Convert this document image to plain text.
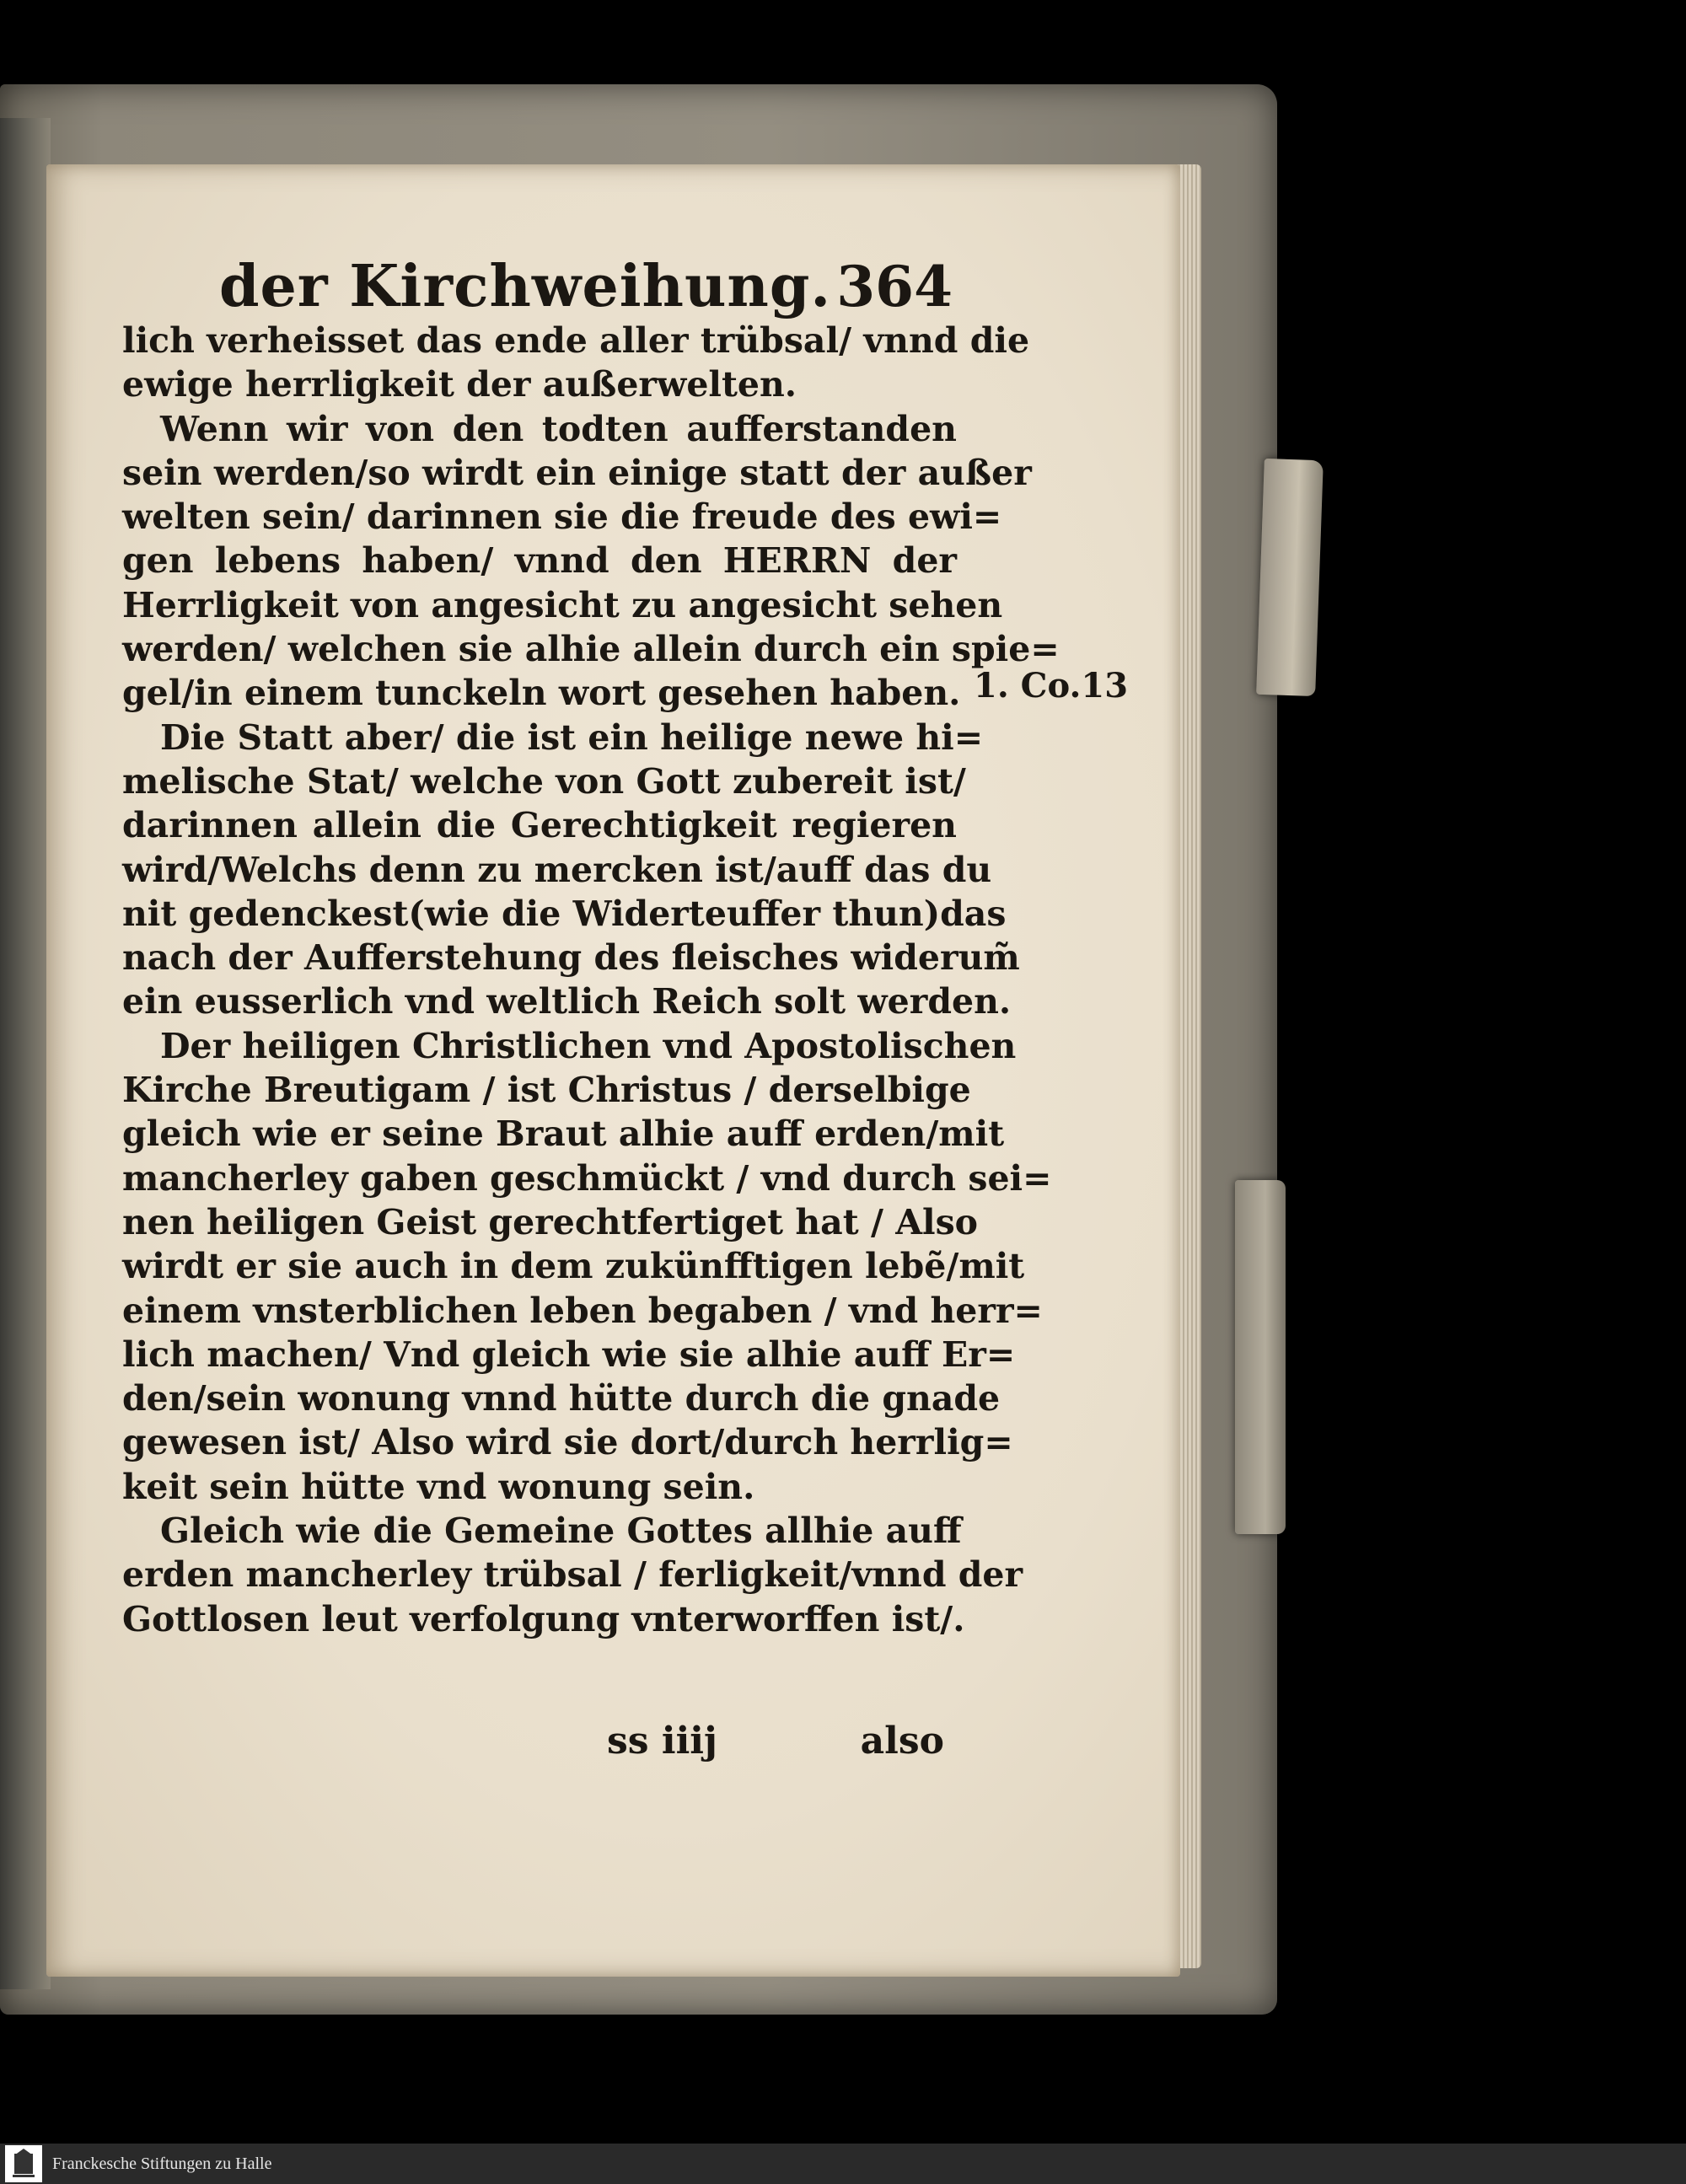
der Kirchweihung. 364
lich verheisset das ende aller trübsal/ vnnd die
ewige herrligkeit der außerwelten.
Wenn wir von den todten aufferstanden
sein werden/so wirdt ein einige statt der außer
welten sein/ darinnen sie die freude des ewi=
gen lebens haben/ vnnd den HERRN der
Herrligkeit von angesicht zu angesicht sehen
werden/ welchen sie alhie allein durch ein spie=
gel/in einem tunckeln wort gesehen haben.
Die Statt aber/ die ist ein heilige newe hi=
melische Stat/ welche von Gott zubereit ist/
darinnen allein die Gerechtigkeit regieren
wird/Welchs denn zu mercken ist/auff das du
nit gedenckest(wie die Widerteuffer thun)das
nach der Aufferstehung des fleisches widerum̃
ein eusserlich vnd weltlich Reich solt werden.
Der heiligen Christlichen vnd Apostolischen
Kirche Breutigam / ist Christus / derselbige
gleich wie er seine Braut alhie auff erden/mit
mancherley gaben geschmückt / vnd durch sei=
nen heiligen Geist gerechtfertiget hat / Also
wirdt er sie auch in dem zukünfftigen lebẽ/mit
einem vnsterblichen leben begaben / vnd herr=
lich machen/ Vnd gleich wie sie alhie auff Er=
den/sein wonung vnnd hütte durch die gnade
gewesen ist/ Also wird sie dort/durch herrlig=
keit sein hütte vnd wonung sein.
Gleich wie die Gemeine Gottes allhie auff
erden mancherley trübsal / ferligkeit/vnnd der
Gottlosen leut verfolgung vnterworffen ist/.
1. Co.13
ss iiij	also
Franckesche Stiftungen zu Halle
